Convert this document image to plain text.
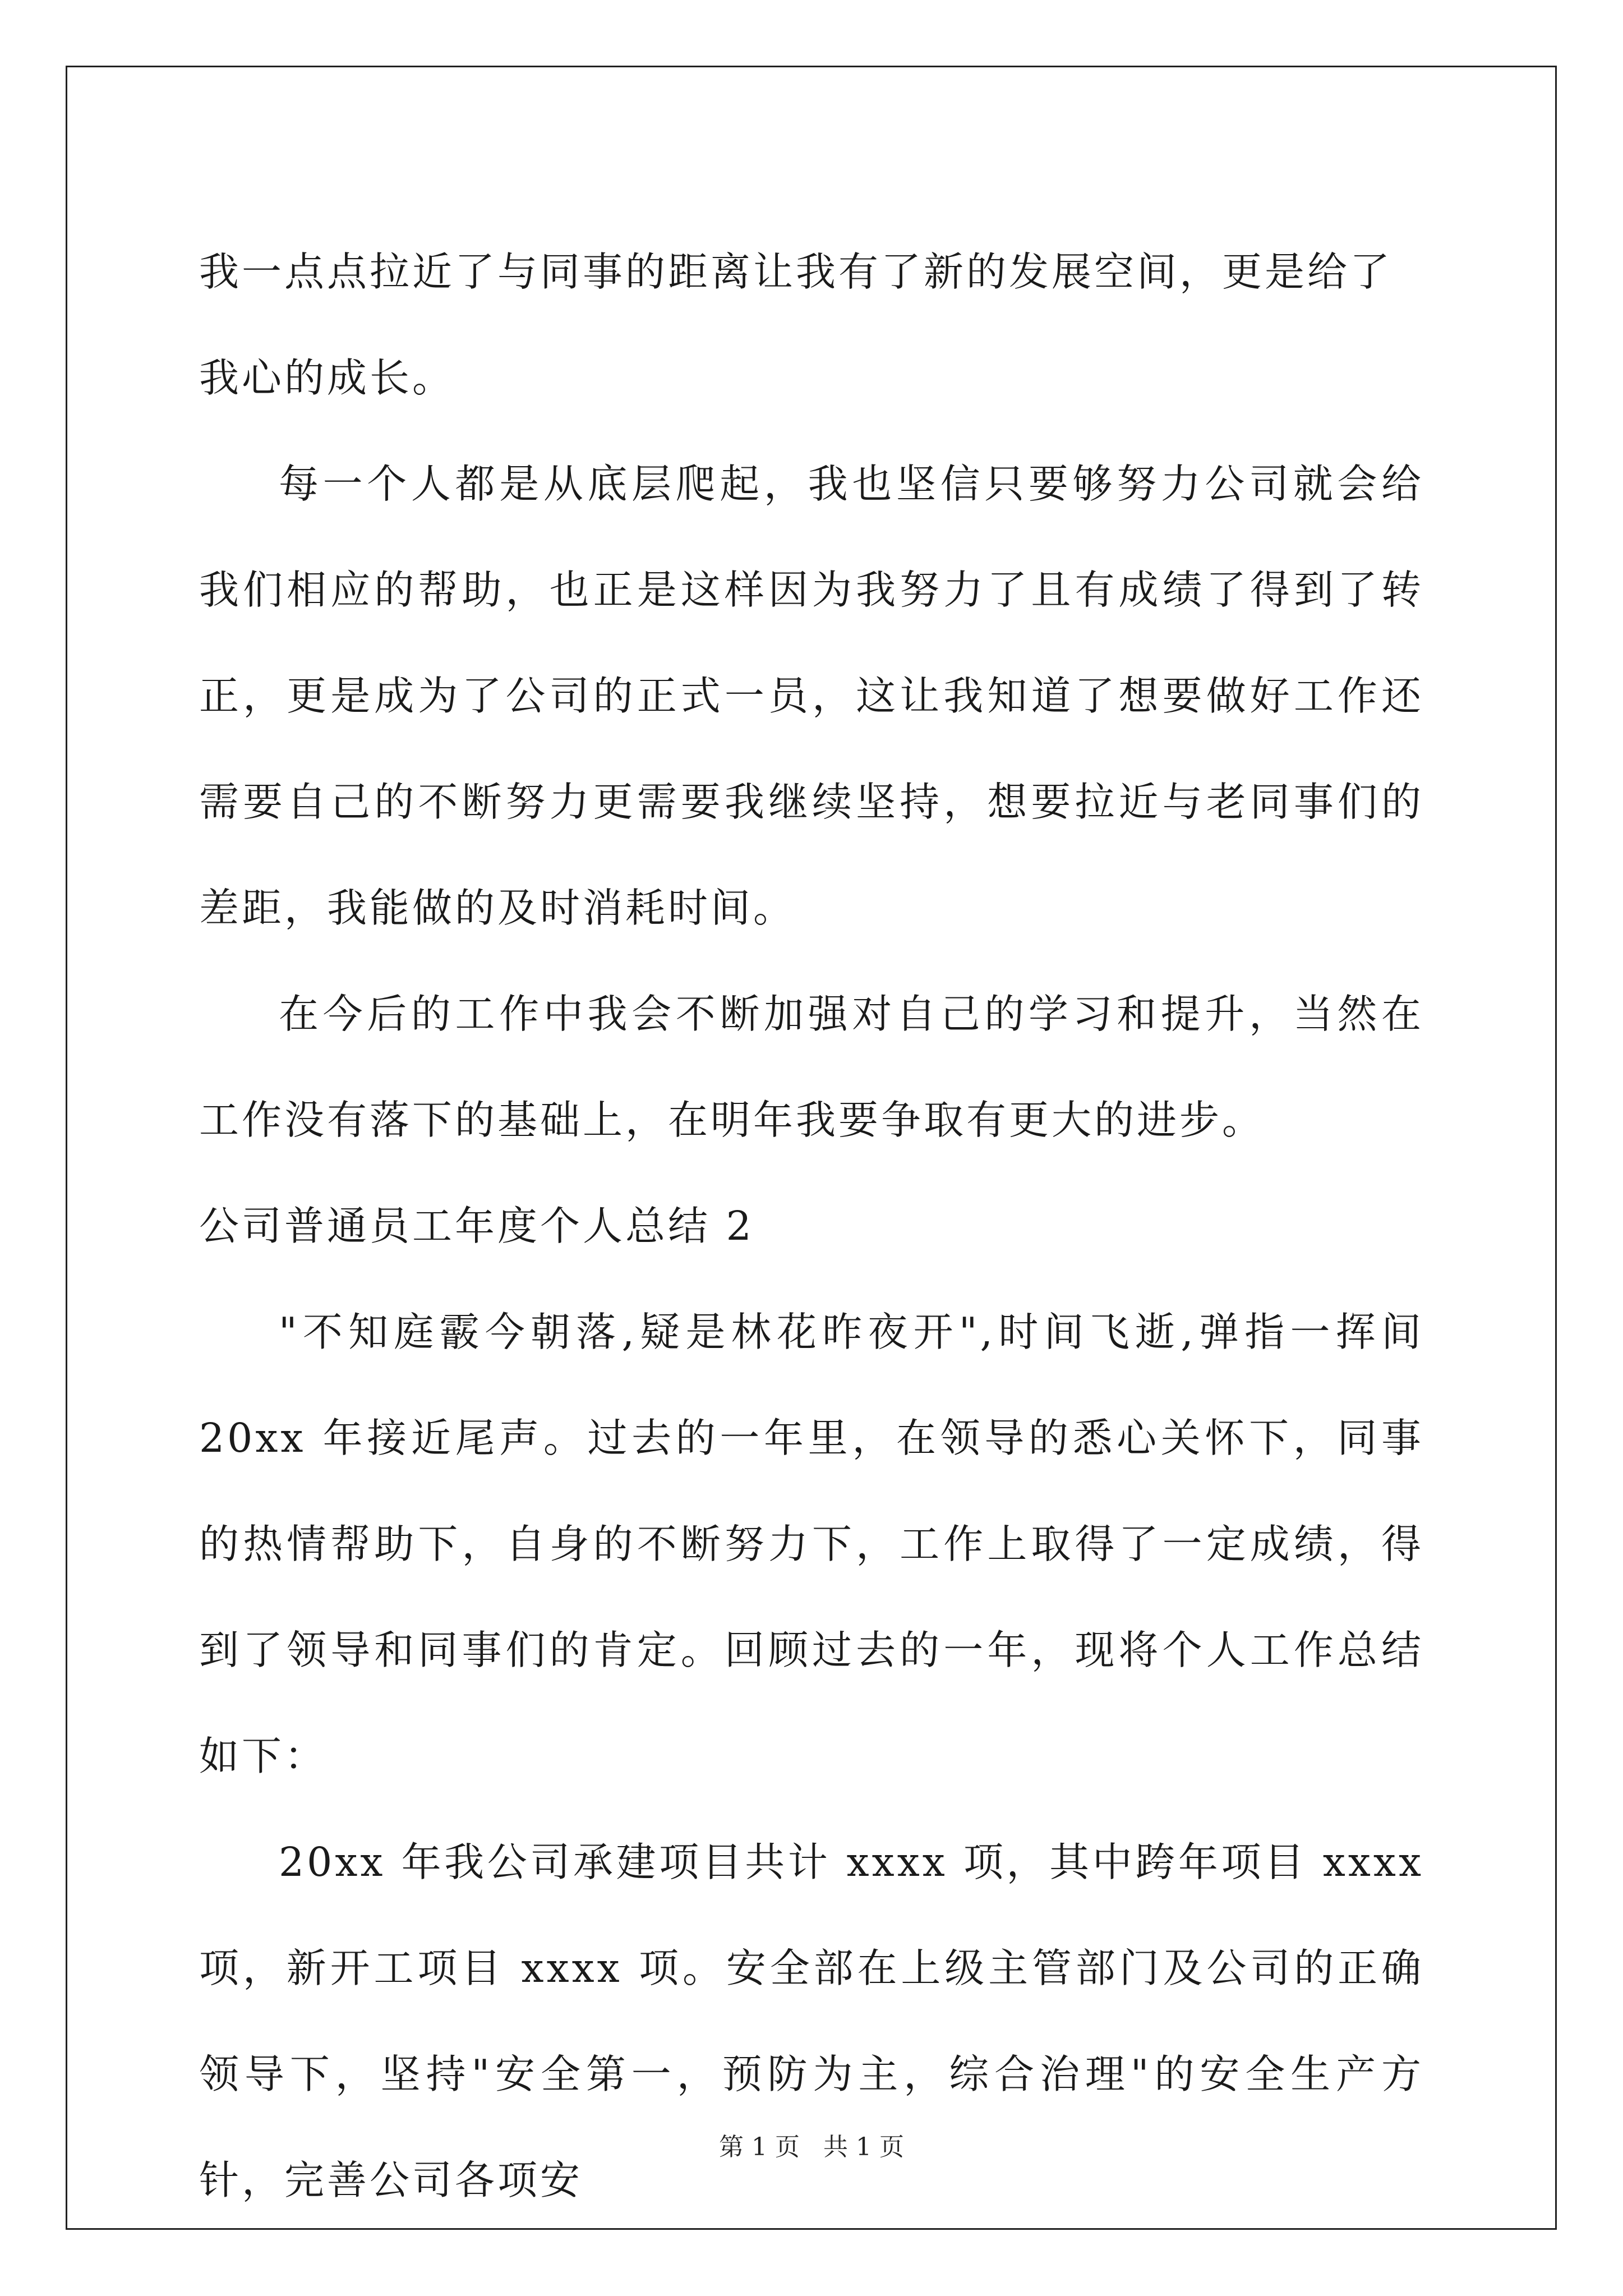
我一点点拉近了与同事的距离让我有了新的发展空间，更是给了我心的成长。

每一个人都是从底层爬起，我也坚信只要够努力公司就会给我们相应的帮助，也正是这样因为我努力了且有成绩了得到了转正，更是成为了公司的正式一员，这让我知道了想要做好工作还需要自己的不断努力更需要我继续坚持，想要拉近与老同事们的差距，我能做的及时消耗时间。

在今后的工作中我会不断加强对自己的学习和提升，当然在工作没有落下的基础上，在明年我要争取有更大的进步。

公司普通员工年度个人总结 2

"不知庭霰今朝落,疑是林花昨夜开",时间飞逝,弹指一挥间 20xx 年接近尾声。过去的一年里，在领导的悉心关怀下，同事的热情帮助下，自身的不断努力下，工作上取得了一定成绩，得到了领导和同事们的肯定。回顾过去的一年，现将个人工作总结如下：

20xx 年我公司承建项目共计 xxxx 项，其中跨年项目 xxxx 项，新开工项目 xxxx 项。安全部在上级主管部门及公司的正确领导下，坚持"安全第一，预防为主，综合治理"的安全生产方针，完善公司各项安

第 1 页   共 1 页
